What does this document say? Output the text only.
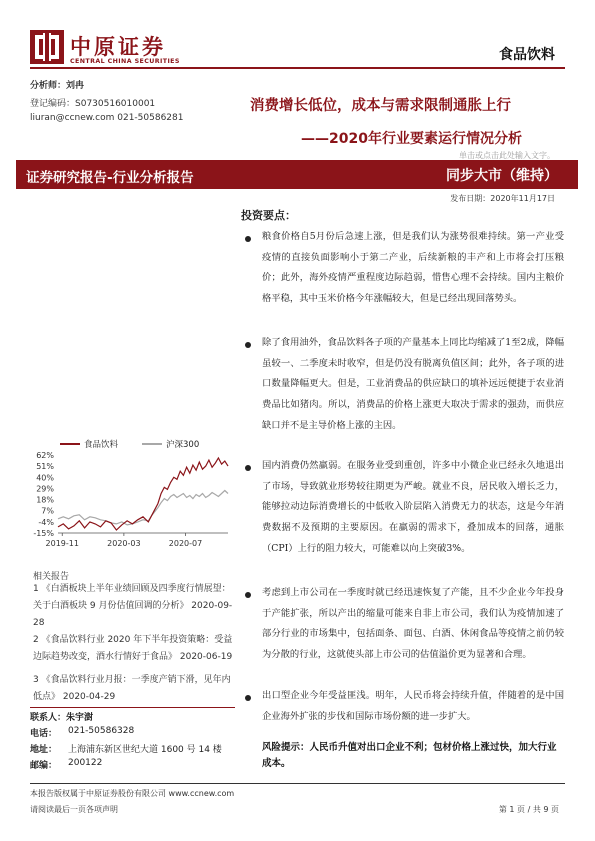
中原证券
CENTRAL CHINA SECURITIES	食品饮料
分析师：刘冉
登记编码：S0730516010001
liuran@ccnew.com 021-50586281
消费增长低位，成本与需求限制通胀上行
——2020年行业要素运行情况分析
单击或点击此处输入文字。
证券研究报告-行业分析报告	同步大市（维持）
发布日期：2020年11月17日
食品饮料	沪深300
62%
51%
40%
29%
18%
7%
-4%
-15%
2019-11	2020-03	2020-07
相关报告
1 《白酒板块上半年业绩回顾及四季度行情展望：关于白酒板块 9 月份估值回调的分析》 2020-09-28
2 《食品饮料行业 2020 年下半年投资策略：受益边际趋势改变，酒水行情好于食品》 2020-06-19
3 《食品饮料行业月报：一季度产销下滑，见年内低点》 2020-04-29
联系人：朱宇澍
电话： 021-50586328
地址： 上海浦东新区世纪大道 1600 号 14 楼
邮编： 200122
投资要点：
粮食价格自5月份后急速上涨，但是我们认为涨势很难持续。第一产业受疫情的直接负面影响小于第二产业，后续新粮的丰产和上市将会打压粮价；此外，海外疫情严重程度边际趋弱，惜售心理不会持续。国内主粮价格平稳，其中玉米价格今年涨幅较大，但是已经出现回落势头。
除了食用油外，食品饮料各子项的产量基本上同比均缩减了1至2成，降幅虽较一、二季度未时收窄，但是仍没有脱离负值区间；此外，各子项的进口数量降幅更大。但是，工业消费品的供应缺口的填补远远便捷于农业消费品比如猪肉。所以，消费品的价格上涨更大取决于需求的强劲，而供应缺口并不是主导价格上涨的主因。
国内消费仍然羸弱。在服务业受到重创，许多中小微企业已经永久地退出了市场，导致就业形势较往期更为严峻。就业不良，居民收入增长乏力，能够拉动边际消费增长的中低收入阶层陷入消费无力的状态，这是今年消费数据不及预期的主要原因。在羸弱的需求下，叠加成本的回落，通胀（CPI）上行的阻力较大，可能难以向上突破3%。
考虑到上市公司在一季度时就已经迅速恢复了产能，且不少企业今年投身于产能扩张，所以产出的缩量可能来自非上市公司，我们认为疫情加速了部分行业的市场集中，包括面条、面包、白酒、休闲食品等疫情之前仍较为分散的行业，这就使头部上市公司的估值溢价更为显著和合理。
出口型企业今年受益匪浅。明年，人民币将会持续升值，伴随着的是中国企业海外扩张的步伐和国际市场份额的进一步扩大。
风险提示：人民币升值对出口企业不利；包材价格上涨过快，加大行业成本。
本报告版权属于中原证券股份有限公司 www.ccnew.com
请阅读最后一页各项声明	第 1 页 / 共 9 页
